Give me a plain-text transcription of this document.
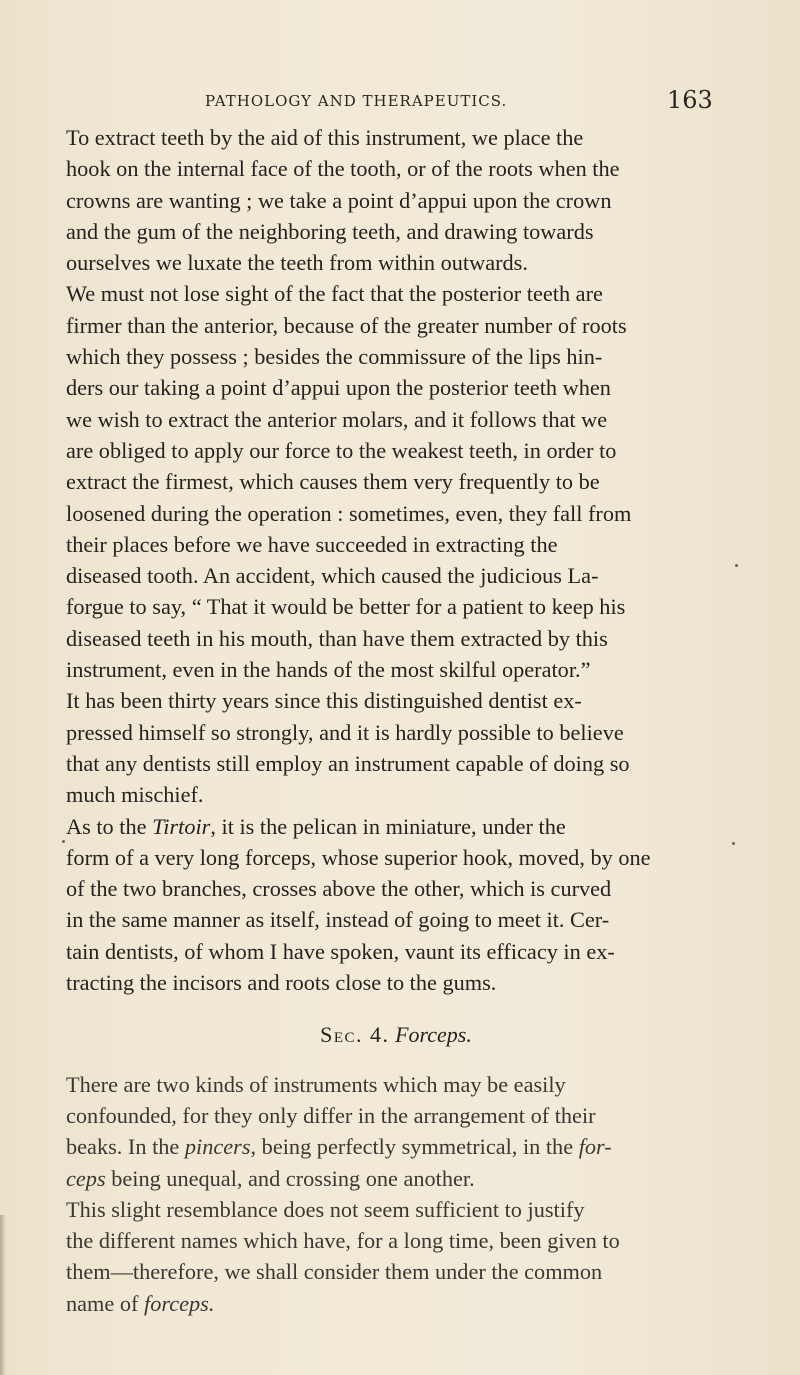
PATHOLOGY AND THERAPEUTICS.	163

To extract teeth by the aid of this instrument, we place the
hook on the internal face of the tooth, or of the roots when the
crowns are wanting ; we take a point d’appui upon the crown
and the gum of the neighboring teeth, and drawing towards
ourselves we luxate the teeth from within outwards.

We must not lose sight of the fact that the posterior teeth are
firmer than the anterior, because of the greater number of roots
which they possess ; besides the commissure of the lips hin-
ders our taking a point d’appui upon the posterior teeth when
we wish to extract the anterior molars, and it follows that we
are obliged to apply our force to the weakest teeth, in order to
extract the firmest, which causes them very frequently to be
loosened during the operation : sometimes, even, they fall from
their places before we have succeeded in extracting the
diseased tooth. An accident, which caused the judicious La-
forgue to say, “ That it would be better for a patient to keep his
diseased teeth in his mouth, than have them extracted by this
instrument, even in the hands of the most skilful operator.”

It has been thirty years since this distinguished dentist ex-
pressed himself so strongly, and it is hardly possible to believe
that any dentists still employ an instrument capable of doing so
much mischief.

As to the Tirtoir, it is the pelican in miniature, under the
form of a very long forceps, whose superior hook, moved, by one
of the two branches, crosses above the other, which is curved
in the same manner as itself, instead of going to meet it. Cer-
tain dentists, of whom I have spoken, vaunt its efficacy in ex-
tracting the incisors and roots close to the gums.

Sec. 4. Forceps.

There are two kinds of instruments which may be easily
confounded, for they only differ in the arrangement of their
beaks. In the pincers, being perfectly symmetrical, in the for-
ceps being unequal, and crossing one another.

This slight resemblance does not seem sufficient to justify
the different names which have, for a long time, been given to
them—therefore, we shall consider them under the common
name of forceps.
